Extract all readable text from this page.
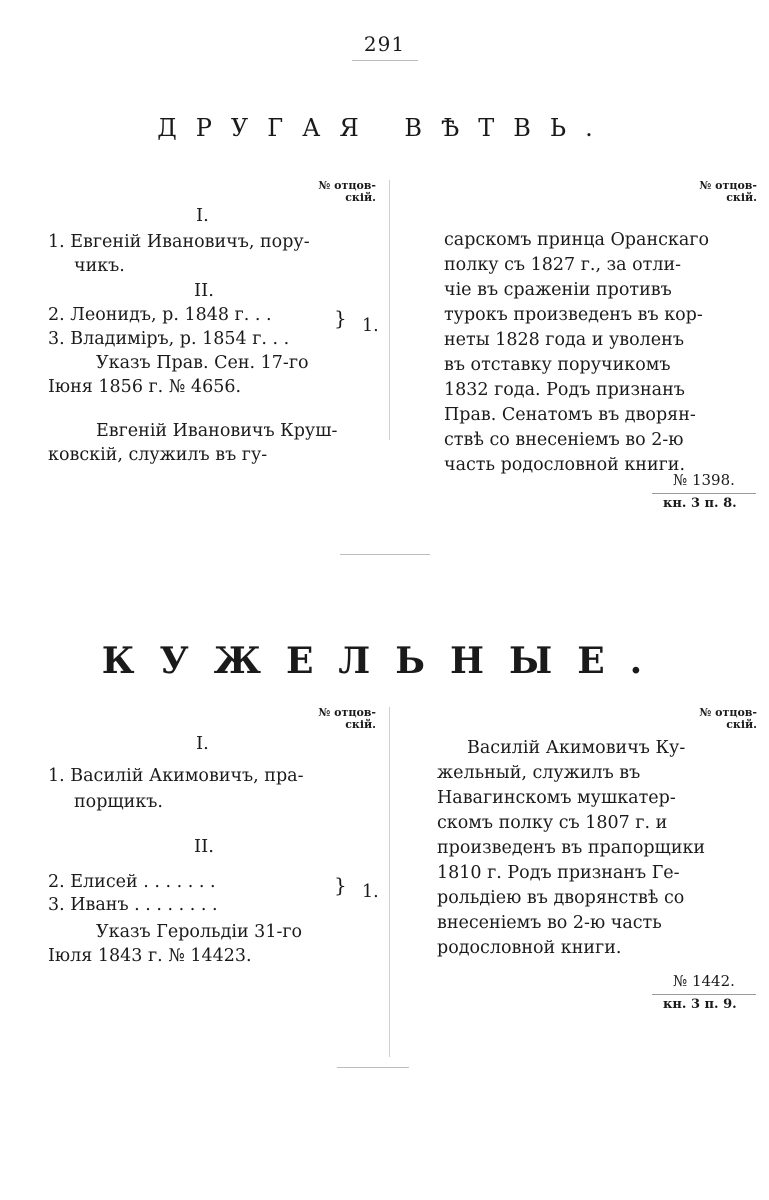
291
ДРУГАЯ ВѢТВЬ.
№ отцов-
скій.
№ отцов-
скій.
I.
1. Евгеній Ивановичъ, пору-
чикъ.
II.
2. Леонидъ, р. 1848 г. . .
3. Владиміръ, р. 1854 г. . .
} 1.
Указъ Прав. Сен. 17-го
Іюня 1856 г. № 4656.
Евгеній Ивановичъ Круш-
ковскій, служилъ въ гу-
сарскомъ принца Оранскаго
полку съ 1827 г., за отли-
чіе въ сраженіи противъ
турокъ произведенъ въ кор-
неты 1828 года и уволенъ
въ отставку поручикомъ
1832 года. Родъ признанъ
Прав. Сенатомъ въ дворян-
ствѣ со внесеніемъ во 2-ю
часть родословной книги.
№ 1398.
кн. 3 п. 8.
КУЖЕЛЬНЫЕ.
№ отцов-
скій.
№ отцов-
скій.
I.
1. Василій Акимовичъ, пра-
порщикъ.
II.
2. Елисей . . . . . . .
3. Иванъ . . . . . . . .
} 1.
Указъ Герольдіи 31-го
Іюля 1843 г. № 14423.
Василій Акимовичъ Ку-
жельный, служилъ въ
Навагинскомъ мушкатер-
скомъ полку съ 1807 г. и
произведенъ въ прапорщики
1810 г. Родъ признанъ Ге-
рольдіею въ дворянствѣ со
внесеніемъ во 2-ю часть
родословной книги.
№ 1442.
кн. 3 п. 9.
